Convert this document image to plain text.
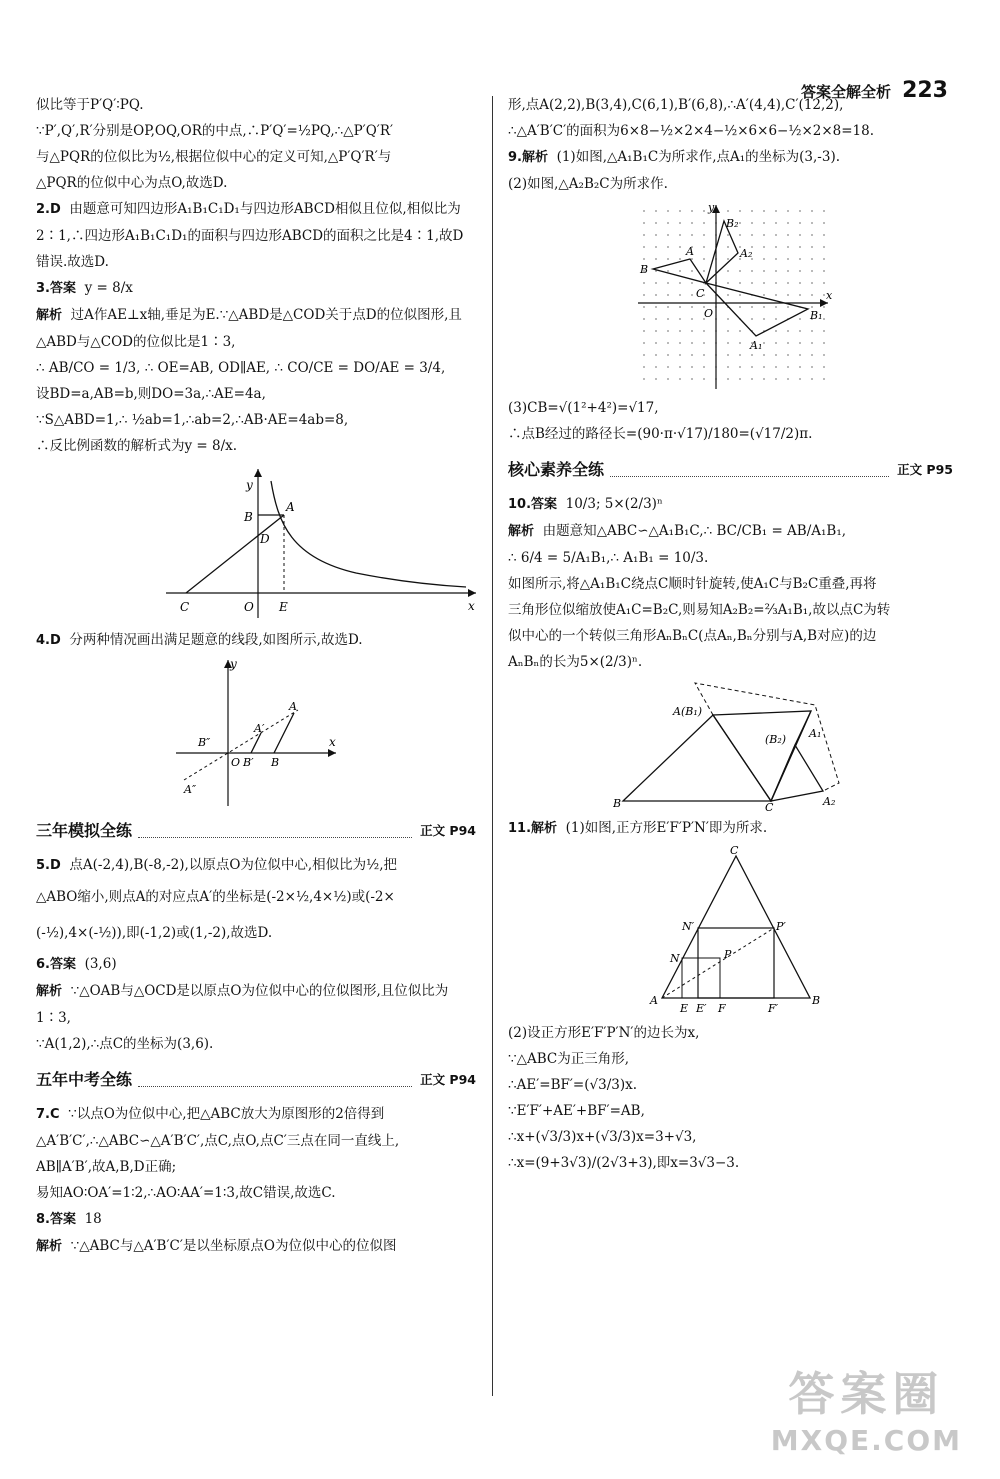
答案全解全析 223

似比等于P′Q′∶PQ.

∵P′,Q′,R′分别是OP,OQ,OR的中点,∴P′Q′=½PQ,∴△P′Q′R′

与△PQR的位似比为½,根据位似中心的定义可知,△P′Q′R′与

△PQR的位似中心为点O,故选D.

2.D 由题意可知四边形A₁B₁C₁D₁与四边形ABCD相似且位似,相似比为2∶1,∴四边形A₁B₁C₁D₁的面积与四边形ABCD的面积之比是4∶1,故D错误.故选D.

3.答案 y = 8/x

解析 过A作AE⊥x轴,垂足为E.∵△ABD是△COD关于点D的位似图形,且△ABD与△COD的位似比是1∶3,

∴ AB/CO = 1/3, ∴ OE=AB, OD∥AE, ∴ CO/CE = DO/AE = 3/4,

设BD=a,AB=b,则DO=3a,∴AE=4a,

∵S△ABD=1,∴ ½ab=1,∴ab=2,∴AB·AE=4ab=8,

∴反比例函数的解析式为y = 8/x.

y
x
B
A
D
C	O E

4.D 分两种情况画出满足题意的线段,如图所示,故选D.

y
x
A
A′
B″
O B′ B
A″
三年模拟全练	正文 P94

5.D 点A(-2,4),B(-8,-2),以原点O为位似中心,相似比为½,把

△ABO缩小,则点A的对应点A′的坐标是(-2×½,4×½)或(-2×

(-½),4×(-½)),即(-1,2)或(1,-2),故选D.

6.答案 (3,6)

解析 ∵△OAB与△OCD是以原点O为位似中心的位似图形,且位似比为1∶3,

∵A(1,2),∴点C的坐标为(3,6).

五年中考全练	正文 P94

7.C ∵以点O为位似中心,把△ABC放大为原图形的2倍得到

△A′B′C′,∴△ABC∽△A′B′C′,点C,点O,点C′三点在同一直线上,

AB∥A′B′,故A,B,D正确;

易知AO∶OA′=1∶2,∴AO∶AA′=1∶3,故C错误,故选C.

8.答案 18

解析 ∵△ABC与△A′B′C′是以坐标原点O为位似中心的位似图

形,点A(2,2),B(3,4),C(6,1),B′(6,8),∴A′(4,4),C′(12,2),

∴△A′B′C′的面积为6×8−½×2×4−½×6×6−½×2×8=18.

9.解析 (1)如图,△A₁B₁C为所求作,点A₁的坐标为(3,-3).

(2)如图,△A₂B₂C为所求作.

y
x
B₂
A	A₂
B
C
O	B₁
A₁

(3)CB=√(1²+4²)=√17,

∴点B经过的路径长=(90·π·√17)/180=(√17/2)π.

核心素养全练	正文 P95

10.答案 10/3; 5×(2/3)ⁿ

解析 由题意知△ABC∽△A₁B₁C,∴ BC/CB₁ = AB/A₁B₁,

∴ 6/4 = 5/A₁B₁,∴ A₁B₁ = 10/3.

如图所示,将△A₁B₁C绕点C顺时针旋转,使A₁C与B₂C重叠,再将

三角形位似缩放使A₁C=B₂C,则易知A₂B₂=⅔A₁B₁,故以点C为转

似中心的一个转似三角形AₙBₙC(点Aₙ,Bₙ分别与A,B对应)的边

AₙBₙ的长为5×(2/3)ⁿ.

A(B₁)
(B₂) A₁
B	C	A₂

11.解析 (1)如图,正方形E′F′P′N′即为所求.

C
N′	P′
N	P
A
E E′ F	F′
B

(2)设正方形E′F′P′N′的边长为x,

∵△ABC为正三角形,

∴AE′=BF′=(√3/3)x.

∵E′F′+AE′+BF′=AB,

∴x+(√3/3)x+(√3/3)x=3+√3,

∴x=(9+3√3)/(2√3+3),即x=3√3−3.

答案圈
MXQE.COM
